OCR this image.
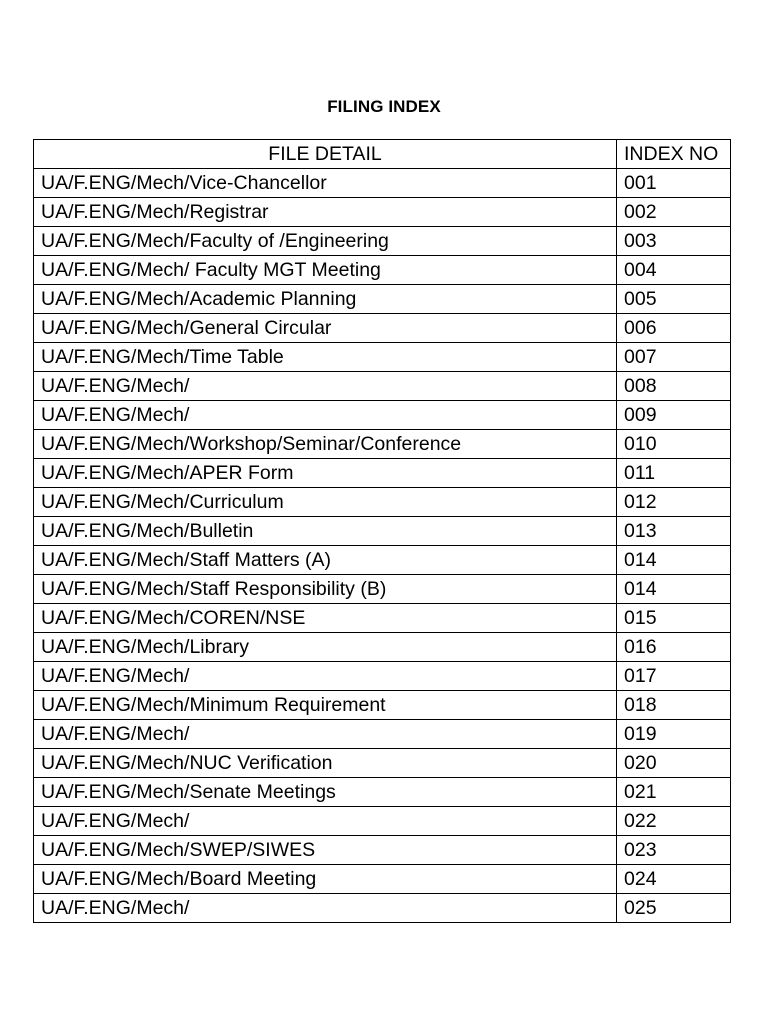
FILING INDEX
FILE DETAIL	INDEX NO
UA/F.ENG/Mech/Vice-Chancellor	001
UA/F.ENG/Mech/Registrar	002
UA/F.ENG/Mech/Faculty of /Engineering	003
UA/F.ENG/Mech/ Faculty MGT Meeting	004
UA/F.ENG/Mech/Academic Planning	005
UA/F.ENG/Mech/General Circular	006
UA/F.ENG/Mech/Time Table	007
UA/F.ENG/Mech/	008
UA/F.ENG/Mech/	009
UA/F.ENG/Mech/Workshop/Seminar/Conference	010
UA/F.ENG/Mech/APER Form	011
UA/F.ENG/Mech/Curriculum	012
UA/F.ENG/Mech/Bulletin	013
UA/F.ENG/Mech/Staff Matters (A)	014
UA/F.ENG/Mech/Staff Responsibility (B)	014
UA/F.ENG/Mech/COREN/NSE	015
UA/F.ENG/Mech/Library	016
UA/F.ENG/Mech/	017
UA/F.ENG/Mech/Minimum Requirement	018
UA/F.ENG/Mech/	019
UA/F.ENG/Mech/NUC Verification	020
UA/F.ENG/Mech/Senate Meetings	021
UA/F.ENG/Mech/	022
UA/F.ENG/Mech/SWEP/SIWES	023
UA/F.ENG/Mech/Board Meeting	024
UA/F.ENG/Mech/	025
